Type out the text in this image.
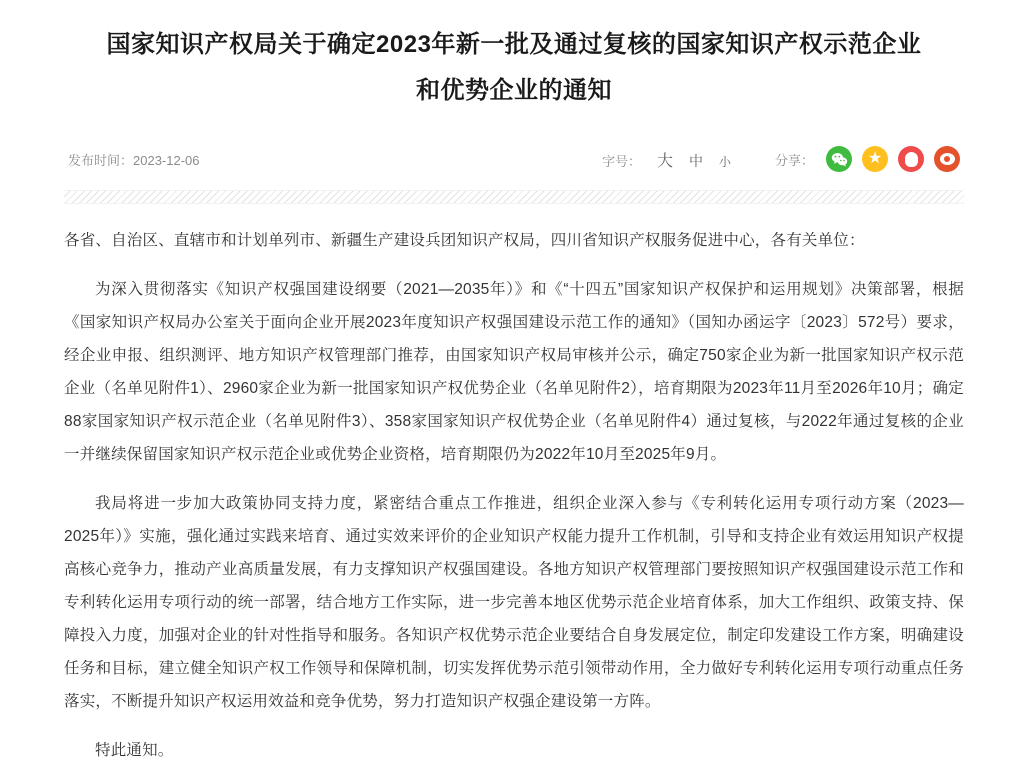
国家知识产权局关于确定2023年新一批及通过复核的国家知识产权示范企业和优势企业的通知
发布时间：2023-12-06	字号： 大 中 小	分享：	★

各省、自治区、直辖市和计划单列市、新疆生产建设兵团知识产权局，四川省知识产权服务促进中心，各有关单位：

为深入贯彻落实《知识产权强国建设纲要（2021—2035年）》和《“十四五”国家知识产权保护和运用规划》决策部署，根据《国家知识产权局办公室关于面向企业开展2023年度知识产权强国建设示范工作的通知》（国知办函运字〔2023〕572号）要求，经企业申报、组织测评、地方知识产权管理部门推荐，由国家知识产权局审核并公示，确定750家企业为新一批国家知识产权示范企业（名单见附件1）、2960家企业为新一批国家知识产权优势企业（名单见附件2），培育期限为2023年11月至2026年10月；确定88家国家知识产权示范企业（名单见附件3）、358家国家知识产权优势企业（名单见附件4）通过复核，与2022年通过复核的企业一并继续保留国家知识产权示范企业或优势企业资格，培育期限仍为2022年10月至2025年9月。

我局将进一步加大政策协同支持力度，紧密结合重点工作推进，组织企业深入参与《专利转化运用专项行动方案（2023—2025年）》实施，强化通过实践来培育、通过实效来评价的企业知识产权能力提升工作机制，引导和支持企业有效运用知识产权提高核心竞争力，推动产业高质量发展，有力支撑知识产权强国建设。各地方知识产权管理部门要按照知识产权强国建设示范工作和专利转化运用专项行动的统一部署，结合地方工作实际，进一步完善本地区优势示范企业培育体系，加大工作组织、政策支持、保障投入力度，加强对企业的针对性指导和服务。各知识产权优势示范企业要结合自身发展定位，制定印发建设工作方案，明确建设任务和目标，建立健全知识产权工作领导和保障机制，切实发挥优势示范引领带动作用，全力做好专利转化运用专项行动重点任务落实，不断提升知识产权运用效益和竞争优势，努力打造知识产权强企建设第一方阵。

特此通知。
